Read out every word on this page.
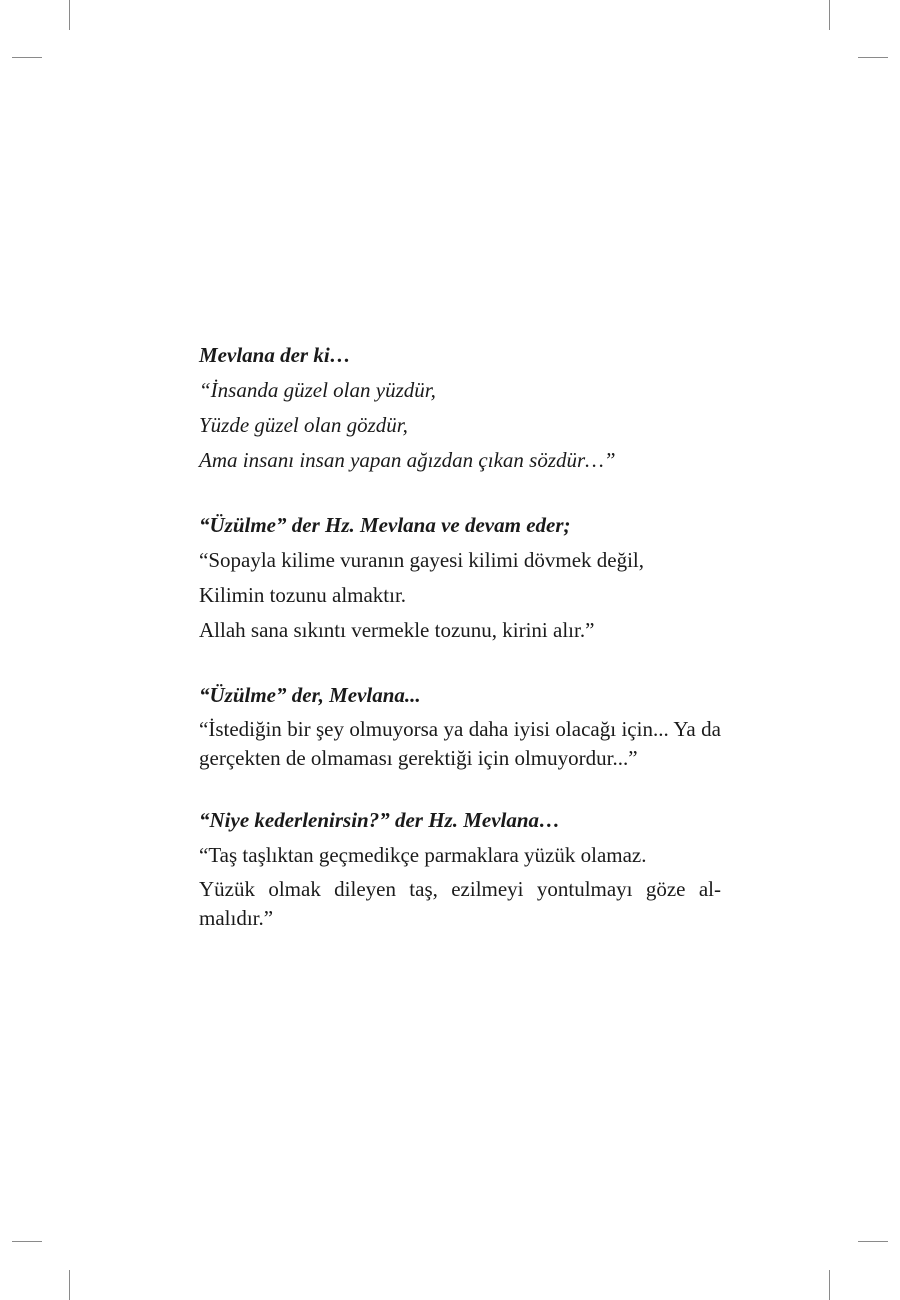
Mevlana der ki…

“İnsanda güzel olan yüzdür,

Yüzde güzel olan gözdür,

Ama insanı insan yapan ağızdan çıkan sözdür…”

“Üzülme” der Hz. Mevlana ve devam eder;

“Sopayla kilime vuranın gayesi kilimi dövmek değil,

Kilimin tozunu almaktır.

Allah sana sıkıntı vermekle tozunu, kirini alır.”

“Üzülme” der, Mevlana...

“İstediğin bir şey olmuyorsa ya daha iyisi olacağı için... Ya da gerçekten de olmaması gerektiği için olmuyordur...”

“Niye kederlenirsin?” der Hz. Mevlana…

“Taş taşlıktan geçmedikçe parmaklara yüzük olamaz.

Yüzük olmak dileyen taş, ezilmeyi yontulmayı göze al-malıdır.”
